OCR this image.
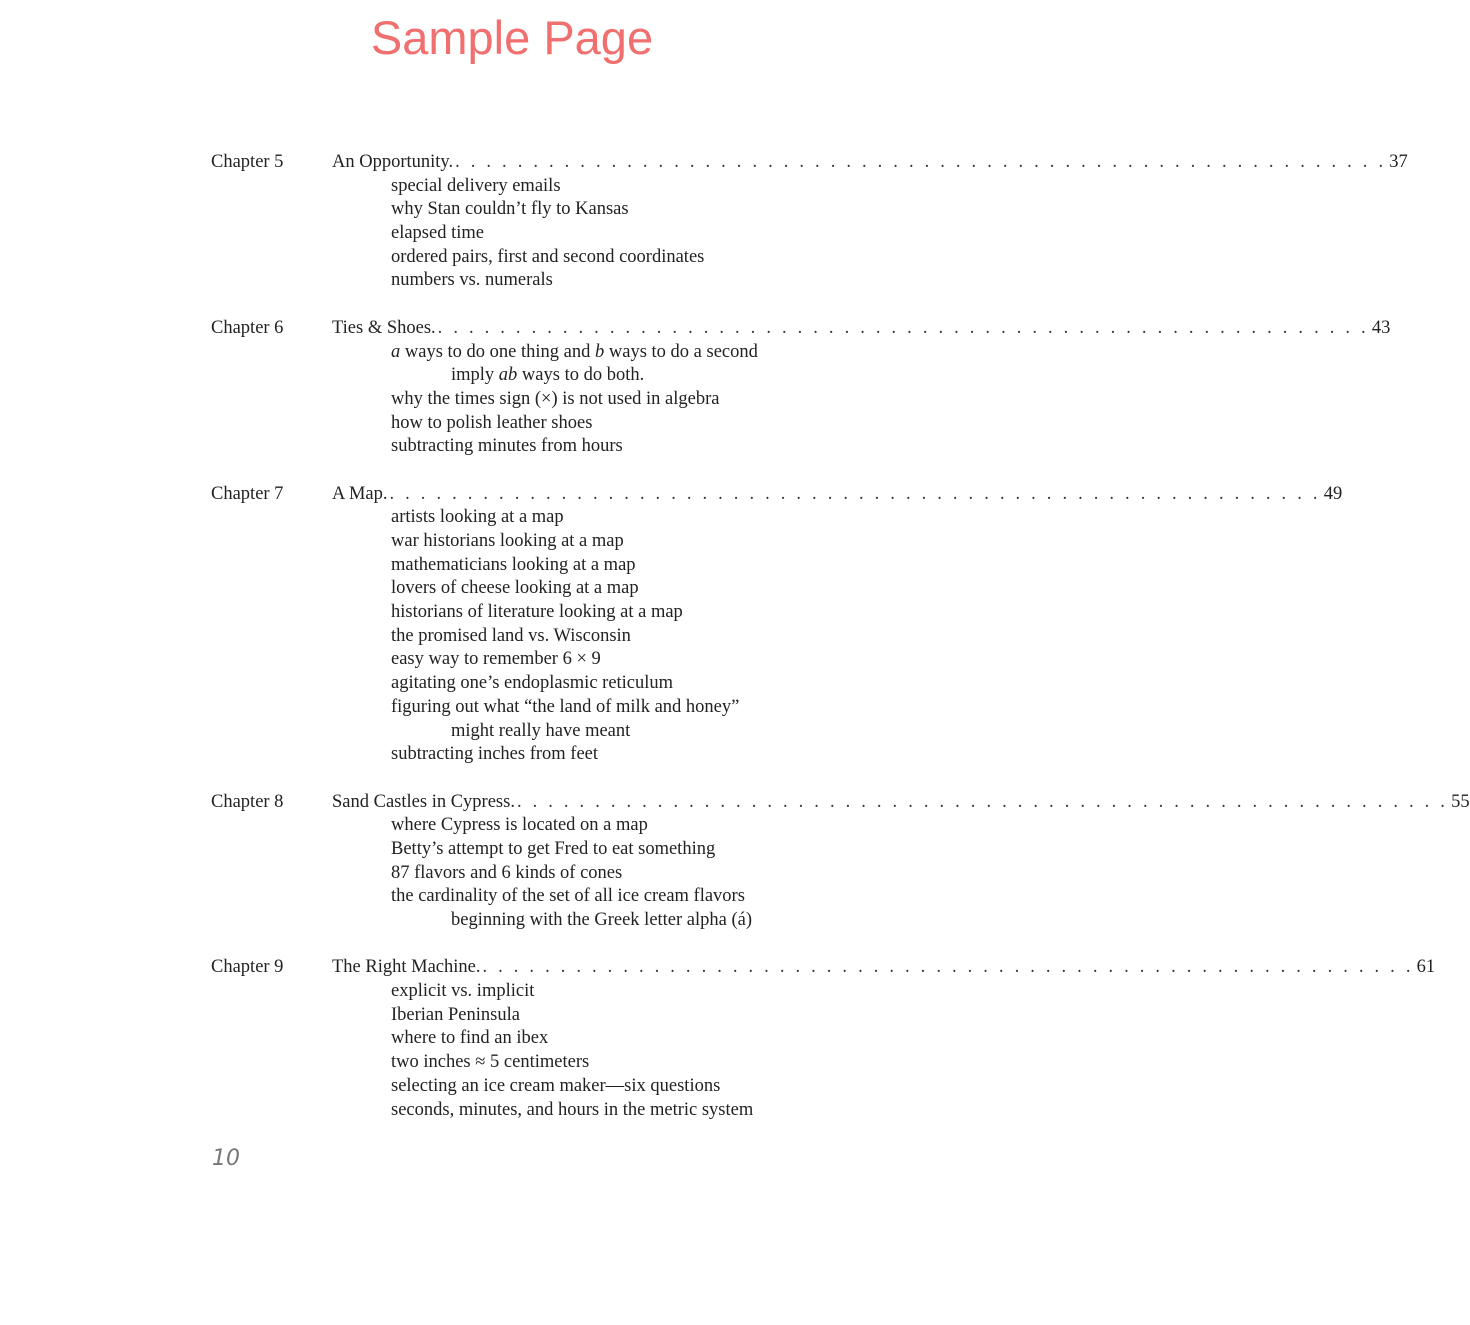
Sample Page
Chapter 5	An Opportunity. . . . . . . . . . . . . . . . . . . . . . . . . . . . . . . . . . . . . . . . . . . . . . . . . . . . . . . . . . . . . 37
special delivery emails
why Stan couldn’t fly to Kansas
elapsed time
ordered pairs, first and second coordinates
numbers vs. numerals
Chapter 6	Ties & Shoes. . . . . . . . . . . . . . . . . . . . . . . . . . . . . . . . . . . . . . . . . . . . . . . . . . . . . . . . . . . . . 43
a ways to do one thing and b ways to do a second
imply ab ways to do both.
why the times sign (×) is not used in algebra
how to polish leather shoes
subtracting minutes from hours
Chapter 7	A Map. . . . . . . . . . . . . . . . . . . . . . . . . . . . . . . . . . . . . . . . . . . . . . . . . . . . . . . . . . . . . 49
artists looking at a map
war historians looking at a map
mathematicians looking at a map
lovers of cheese looking at a map
historians of literature looking at a map
the promised land vs. Wisconsin
easy way to remember 6 × 9
agitating one’s endoplasmic reticulum
figuring out what “the land of milk and honey”
might really have meant
subtracting inches from feet
Chapter 8	Sand Castles in Cypress. . . . . . . . . . . . . . . . . . . . . . . . . . . . . . . . . . . . . . . . . . . . . . . . . . . . . . . . . . . . . 55
where Cypress is located on a map
Betty’s attempt to get Fred to eat something
87 flavors and 6 kinds of cones
the cardinality of the set of all ice cream flavors
beginning with the Greek letter alpha (á)
Chapter 9	The Right Machine. . . . . . . . . . . . . . . . . . . . . . . . . . . . . . . . . . . . . . . . . . . . . . . . . . . . . . . . . . . . . 61
explicit vs. implicit
Iberian Peninsula
where to find an ibex
two inches ≈ 5 centimeters
selecting an ice cream maker—six questions
seconds, minutes, and hours in the metric system
10
